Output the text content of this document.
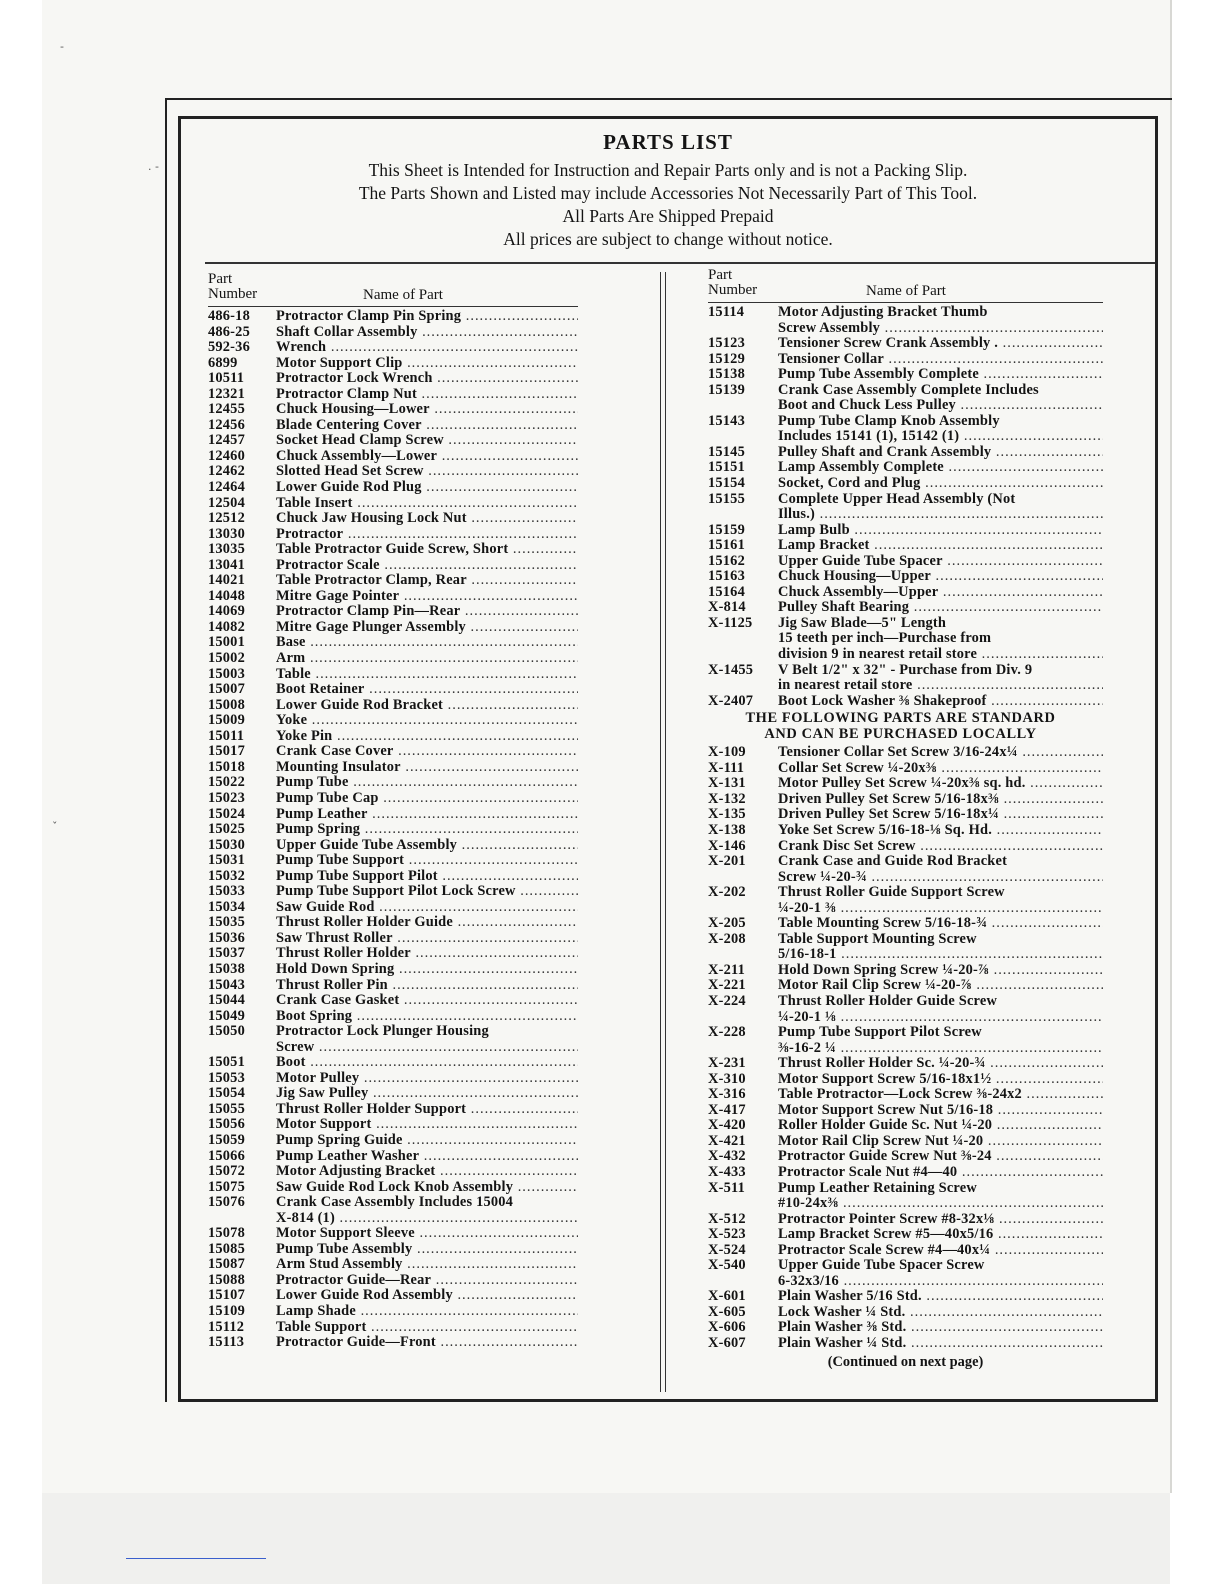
-
. -
ˇ
PARTS LIST
This Sheet is Intended for Instruction and Repair Parts only and is not a Packing Slip.
The Parts Shown and Listed may include Accessories Not Necessarily Part of This Tool.
All Parts Are Shipped Prepaid
All prices are subject to change without notice.
Part
Number	Name of Part
486-18	Protractor Clamp Pin Spring .....
486-25	Shaft Collar Assembly .....
592-36	Wrench .....
6899	Motor Support Clip .....
10511	Protractor Lock Wrench .....
12321	Protractor Clamp Nut .....
12455	Chuck Housing—Lower .....
12456	Blade Centering Cover .....
12457	Socket Head Clamp Screw .....
12460	Chuck Assembly—Lower .....
12462	Slotted Head Set Screw .....
12464	Lower Guide Rod Plug .....
12504	Table Insert .....
12512	Chuck Jaw Housing Lock Nut .....
13030	Protractor .....
13035	Table Protractor Guide Screw, Short .....
13041	Protractor Scale .....
14021	Table Protractor Clamp, Rear .....
14048	Mitre Gage Pointer .....
14069	Protractor Clamp Pin—Rear .....
14082	Mitre Gage Plunger Assembly .....
15001	Base .....
15002	Arm .....
15003	Table .....
15007	Boot Retainer .....
15008	Lower Guide Rod Bracket .....
15009	Yoke .....
15011	Yoke Pin .....
15017	Crank Case Cover .....
15018	Mounting Insulator .....
15022	Pump Tube .....
15023	Pump Tube Cap .....
15024	Pump Leather .....
15025	Pump Spring .....
15030	Upper Guide Tube Assembly .....
15031	Pump Tube Support .....
15032	Pump Tube Support Pilot .....
15033	Pump Tube Support Pilot Lock Screw .....
15034	Saw Guide Rod .....
15035	Thrust Roller Holder Guide .....
15036	Saw Thrust Roller .....
15037	Thrust Roller Holder .....
15038	Hold Down Spring .....
15043	Thrust Roller Pin .....
15044	Crank Case Gasket .....
15049	Boot Spring .....
15050	Protractor Lock Plunger Housing
Screw .....
15051	Boot .....
15053	Motor Pulley .....
15054	Jig Saw Pulley .....
15055	Thrust Roller Holder Support .....
15056	Motor Support .....
15059	Pump Spring Guide .....
15066	Pump Leather Washer .....
15072	Motor Adjusting Bracket .....
15075	Saw Guide Rod Lock Knob Assembly .....
15076	Crank Case Assembly Includes 15004
X-814 (1) .....
15078	Motor Support Sleeve .....
15085	Pump Tube Assembly .....
15087	Arm Stud Assembly .....
15088	Protractor Guide—Rear .....
15107	Lower Guide Rod Assembly .....
15109	Lamp Shade .....
15112	Table Support .....
15113	Protractor Guide—Front .....
Part
Number	Name of Part
15114	Motor Adjusting Bracket Thumb
Screw Assembly .....
15123	Tensioner Screw Crank Assembly . .....
15129	Tensioner Collar .....
15138	Pump Tube Assembly Complete .....
15139	Crank Case Assembly Complete Includes
Boot and Chuck Less Pulley .....
15143	Pump Tube Clamp Knob Assembly
Includes 15141 (1), 15142 (1) .....
15145	Pulley Shaft and Crank Assembly .....
15151	Lamp Assembly Complete .....
15154	Socket, Cord and Plug .....
15155	Complete Upper Head Assembly (Not
Illus.) .....
15159	Lamp Bulb .....
15161	Lamp Bracket .....
15162	Upper Guide Tube Spacer .....
15163	Chuck Housing—Upper .....
15164	Chuck Assembly—Upper .....
X-814	Pulley Shaft Bearing .....
X-1125	Jig Saw Blade—5" Length
15 teeth per inch—Purchase from
division 9 in nearest retail store .....
X-1455	V Belt 1/2" x 32" - Purchase from Div. 9
in nearest retail store .....
X-2407	Boot Lock Washer ⅜ Shakeproof .....
THE FOLLOWING PARTS ARE STANDARD
AND CAN BE PURCHASED LOCALLY
X-109	Tensioner Collar Set Screw 3/16-24x¼ .....
X-111	Collar Set Screw ¼-20x⅜ .....
X-131	Motor Pulley Set Screw ¼-20x⅜ sq. hd. .....
X-132	Driven Pulley Set Screw 5/16-18x⅜ .....
X-135	Driven Pulley Set Screw 5/16-18x¼ .....
X-138	Yoke Set Screw 5/16-18-⅛ Sq. Hd. .....
X-146	Crank Disc Set Screw .....
X-201	Crank Case and Guide Rod Bracket
Screw ¼-20-¾ .....
X-202	Thrust Roller Guide Support Screw
¼-20-1 ⅜ .....
X-205	Table Mounting Screw 5/16-18-¾ .....
X-208	Table Support Mounting Screw
5/16-18-1 .....
X-211	Hold Down Spring Screw ¼-20-⅞ .....
X-221	Motor Rail Clip Screw ¼-20-⅞ .....
X-224	Thrust Roller Holder Guide Screw
¼-20-1 ⅛ .....
X-228	Pump Tube Support Pilot Screw
⅜-16-2 ¼ .....
X-231	Thrust Roller Holder Sc. ¼-20-¾ .....
X-310	Motor Support Screw 5/16-18x1½ .....
X-316	Table Protractor—Lock Screw ⅜-24x2 .....
X-417	Motor Support Screw Nut 5/16-18 .....
X-420	Roller Holder Guide Sc. Nut ¼-20 .....
X-421	Motor Rail Clip Screw Nut ¼-20 .....
X-432	Protractor Guide Screw Nut ⅜-24 .....
X-433	Protractor Scale Nut #4—40 .....
X-511	Pump Leather Retaining Screw
#10-24x⅜ .....
X-512	Protractor Pointer Screw #8-32x⅛ .....
X-523	Lamp Bracket Screw #5—40x5/16 .....
X-524	Protractor Scale Screw #4—40x¼ .....
X-540	Upper Guide Tube Spacer Screw
6-32x3/16 .....
X-601	Plain Washer 5/16 Std. .....
X-605	Lock Washer ¼ Std. .....
X-606	Plain Washer ⅜ Std. .....
X-607	Plain Washer ¼ Std. .....
(Continued on next page)
